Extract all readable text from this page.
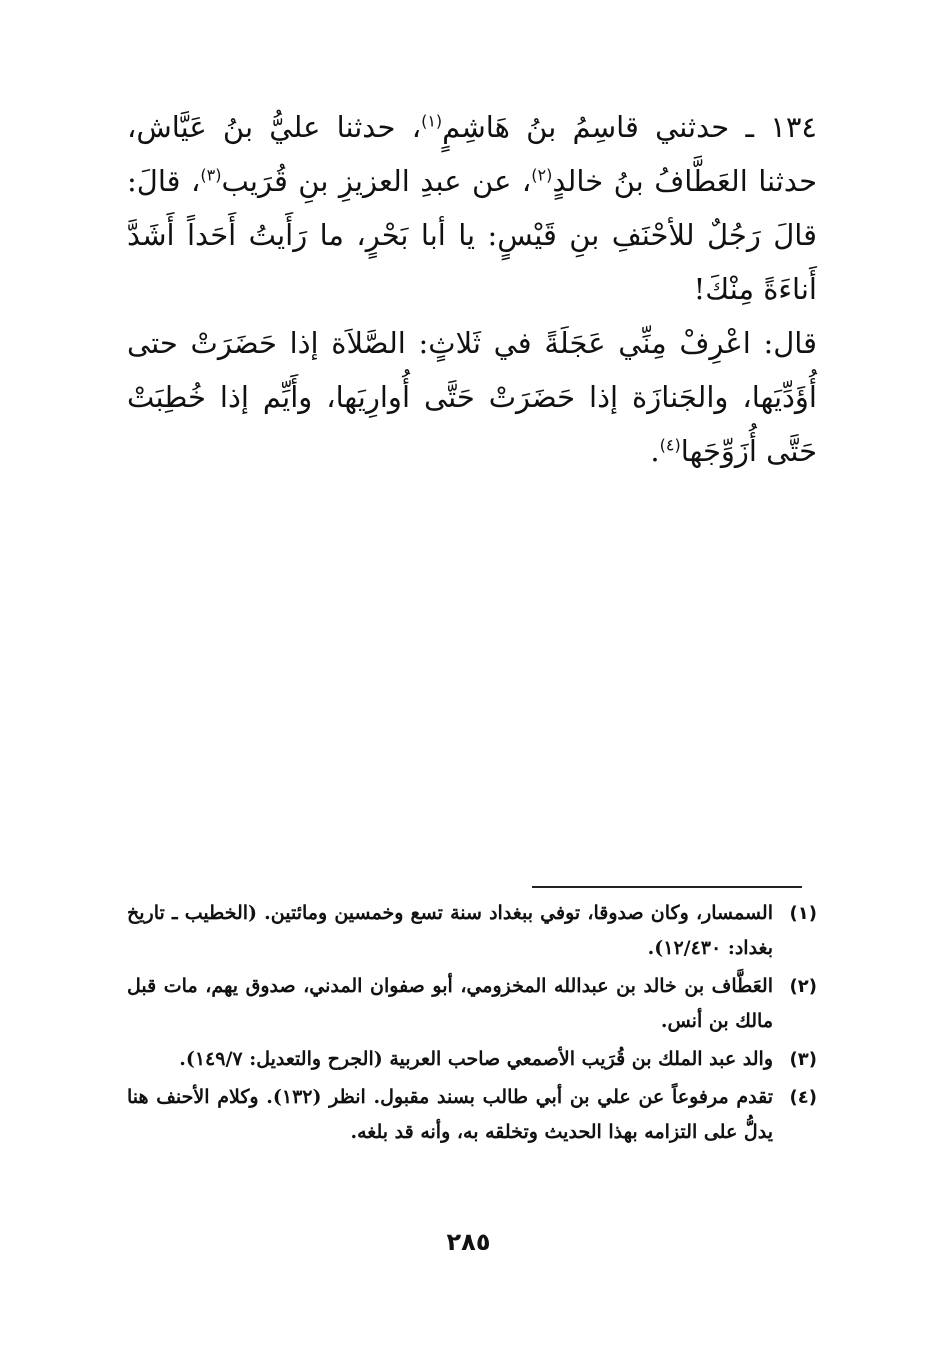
١٣٤ ـ حدثني قاسِمُ بنُ هَاشِمٍ$^{(١)}$، حدثنا عليُّ بنُ عَيَّاش، حدثنا العَطَّافُ بنُ خالدٍ$^{(٢)}$، عن عبدِ العزيزِ بنِ قُرَيب$^{(٣)}$، قالَ: قالَ رَجُلٌ للأحْنَفِ بنِ قَيْسٍ: يا أبا بَحْرٍ، ما رَأَيتُ أَحَداً أَشَدَّ أَناءَةً مِنْكَ!

قال: اعْرِفْ مِنِّي عَجَلَةً في ثَلاثٍ: الصَّلاَة إذا حَضَرَتْ حتى أُؤَدِّيَها، والجَنازَة إذا حَضَرَتْ حَتَّى أُوارِيَها، وأَيِّم إذا خُطِبَتْ حَتَّى أُزَوِّجَها$^{(٤)}$.

(١)
السمسار، وكان صدوقا، توفي ببغداد سنة تسع وخمسين ومائتين. (الخطيب ـ تاريخ بغداد: ١٢/٤٣٠).
(٢)
العَطَّاف بن خالد بن عبدالله المخزومي، أبو صفوان المدني، صدوق يهم، مات قبل مالك بن أنس.
(٣)
والد عبد الملك بن قُرَيب الأصمعي صاحب العربية (الجرح والتعديل: ١٤٩/٧).
(٤)
تقدم مرفوعاً عن علي بن أبي طالب بسند مقبول. انظر (١٣٢). وكلام الأحنف هنا يدلُّ على التزامه بهذا الحديث وتخلقه به، وأنه قد بلغه.
٢٨٥
